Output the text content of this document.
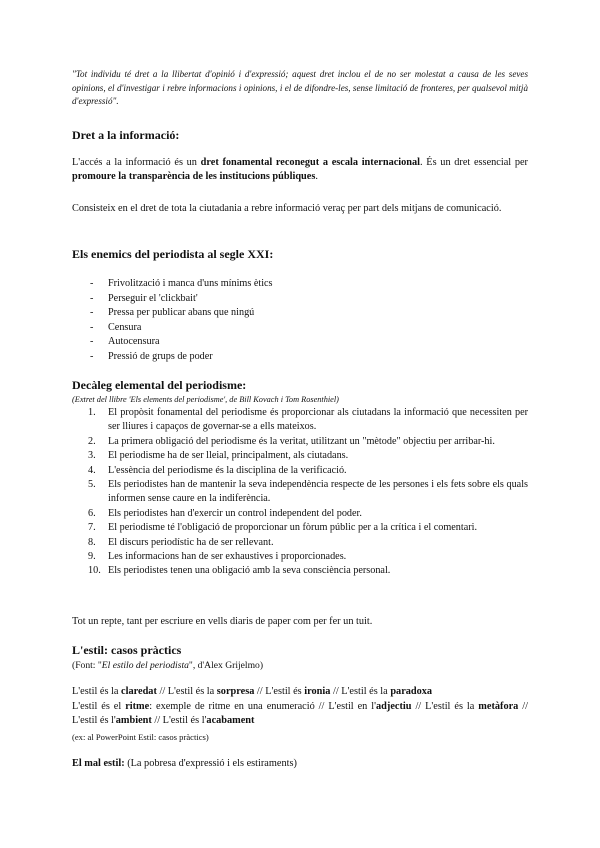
"Tot individu té dret a la llibertat d'opinió i d'expressió; aquest dret inclou el de no ser molestat a causa de les seves opinions, el d'investigar i rebre informacions i opinions, i el de difondre-les, sense limitació de fronteres, per qualsevol mitjà d'expressió".

Dret a la informació:

L'accés a la informació és un dret fonamental reconegut a escala internacional. És un dret essencial per promoure la transparència de les institucions públiques.

Consisteix en el dret de tota la ciutadania a rebre informació veraç per part dels mitjans de comunicació.

Els enemics del periodista al segle XXI:
- Frivolització i manca d'uns mínims ètics
- Perseguir el 'clickbait'
- Pressa per publicar abans que ningú
- Censura
- Autocensura
- Pressió de grups de poder
Decàleg elemental del periodisme:

(Extret del llibre 'Els elements del periodisme', de Bill Kovach i Tom Rosenthiel)

1.	El propòsit fonamental del periodisme és proporcionar als ciutadans la informació que necessiten per ser lliures i capaços de governar-se a ells mateixos.
2.	La primera obligació del periodisme és la veritat, utilitzant un "mètode" objectiu per arribar-hi.
3.	El periodisme ha de ser lleial, principalment, als ciutadans.
4.	L'essència del periodisme és la disciplina de la verificació.
5.	Els periodistes han de mantenir la seva independència respecte de les persones i els fets sobre els quals informen sense caure en la indiferència.
6.	Els periodistes han d'exercir un control independent del poder.
7.	El periodisme té l'obligació de proporcionar un fòrum públic per a la crítica i el comentari.
8.	El discurs periodístic ha de ser rellevant.
9.	Les informacions han de ser exhaustives i proporcionades.
10. Els periodistes tenen una obligació amb la seva consciència personal.

Tot un repte, tant per escriure en vells diaris de paper com per fer un tuit.

L'estil: casos pràctics

(Font: "El estilo del periodista", d'Alex Grijelmo)

L'estil és la claredat // L'estil és la sorpresa // L'estil és ironia // L'estil és la paradoxa

L'estil és el ritme: exemple de ritme en una enumeració // L'estil en l'adjectiu // L'estil és la metàfora // L'estil és l'ambient // L'estil és l'acabament

(ex: al PowerPoint Estil: casos pràctics)

El mal estil: (La pobresa d'expressió i els estiraments)
